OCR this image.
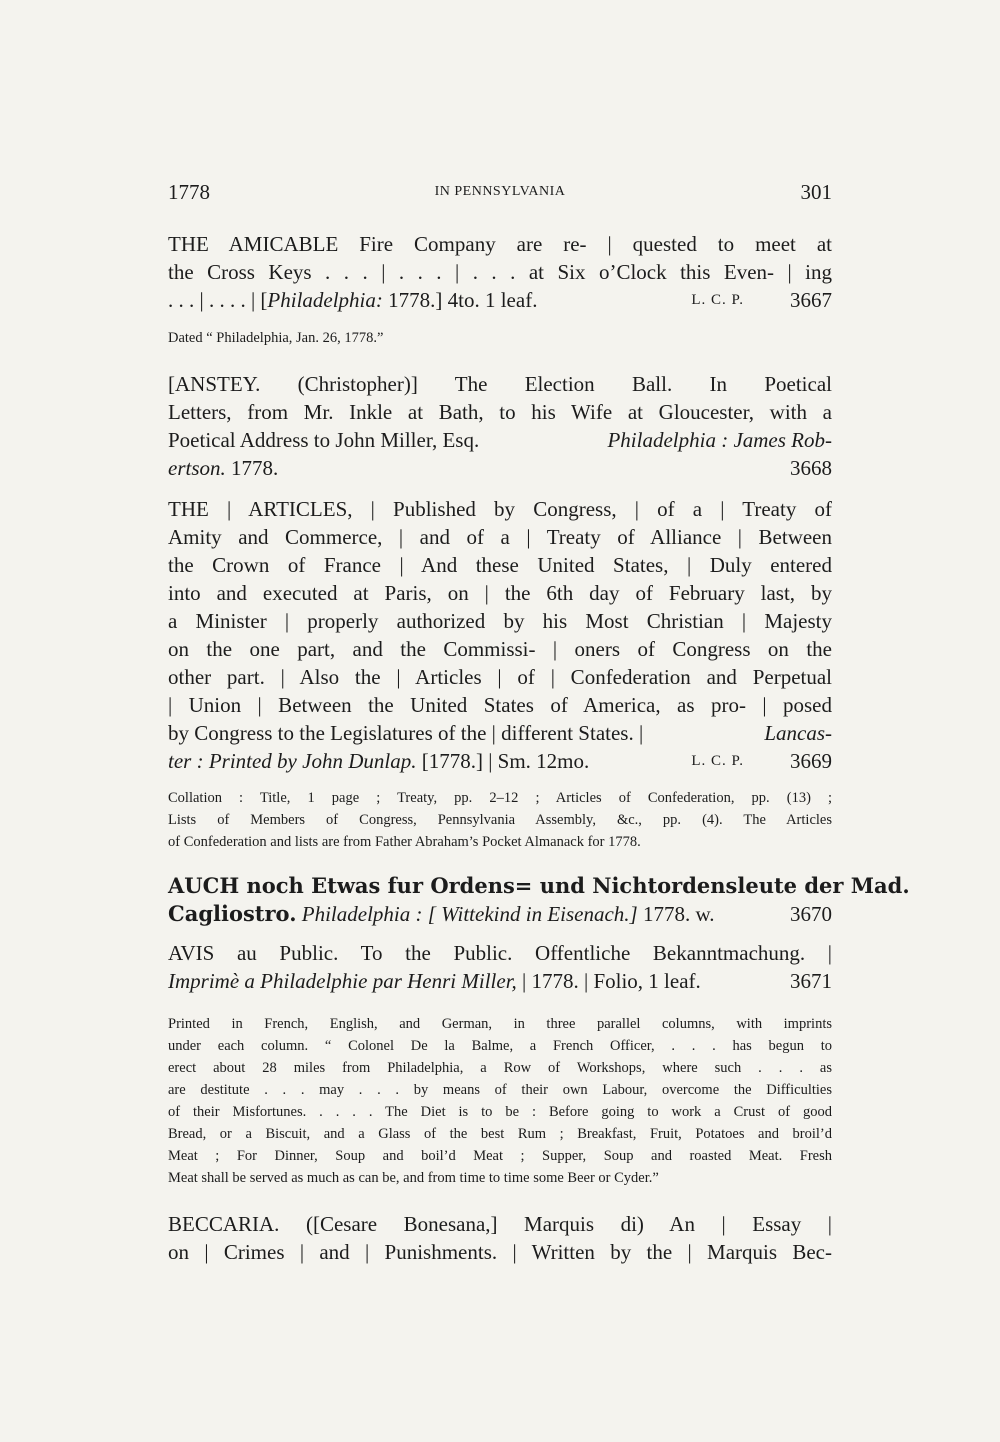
1778	IN PENNSYLVANIA	301
THE AMICABLE Fire Company are re- | quested to meet at
the Cross Keys . . . | . . . | . . . at Six o’Clock this Even- | ing
. . . | . . . . | [Philadelphia: 1778.] 4to. 1 leaf.	3667
L. C. P.
Dated “ Philadelphia, Jan. 26, 1778.”
[ANSTEY. (Christopher)] The Election Ball. In Poetical
Letters, from Mr. Inkle at Bath, to his Wife at Gloucester, with a
Poetical Address to John Miller, Esq.	Philadelphia : James Rob-
ertson. 1778.	3668
THE | ARTICLES, | Published by Congress, | of a | Treaty of
Amity and Commerce, | and of a | Treaty of Alliance | Between
the Crown of France | And these United States, | Duly entered
into and executed at Paris, on | the 6th day of February last, by
a Minister | properly authorized by his Most Christian | Majesty
on the one part, and the Commissi- | oners of Congress on the
other part. | Also the | Articles | of | Confederation and Perpetual
| Union | Between the United States of America, as pro- | posed
by Congress to the Legislatures of the | different States. |	Lancas-
ter : Printed by John Dunlap. [1778.] | Sm. 12mo.	3669
L. C. P.
Collation : Title, 1 page ; Treaty, pp. 2–12 ; Articles of Confederation, pp. (13) ;
Lists of Members of Congress, Pennsylvania Assembly, &c., pp. (4). The Articles
of Confederation and lists are from Father Abraham’s Pocket Almanack for 1778.
AUCH noch Etwas fur Ordens= und Nichtordensleute der Mad.
Cagliostro. Philadelphia : [ Wittekind in Eisenach.] 1778. w.	3670
AVIS au Public. To the Public. Offentliche Bekanntmachung. |
Imprimè a Philadelphie par Henri Miller, | 1778. | Folio, 1 leaf.	3671
Printed in French, English, and German, in three parallel columns, with imprints
under each column. “ Colonel De la Balme, a French Officer, . . . has begun to
erect about 28 miles from Philadelphia, a Row of Workshops, where such . . . as
are destitute . . . may . . . by means of their own Labour, overcome the Difficulties
of their Misfortunes. . . . . The Diet is to be : Before going to work a Crust of good
Bread, or a Biscuit, and a Glass of the best Rum ; Breakfast, Fruit, Potatoes and broil’d
Meat ; For Dinner, Soup and boil’d Meat ; Supper, Soup and roasted Meat. Fresh
Meat shall be served as much as can be, and from time to time some Beer or Cyder.”
BECCARIA. ([Cesare Bonesana,] Marquis di) An | Essay |
on | Crimes | and | Punishments. | Written by the | Marquis Bec-
